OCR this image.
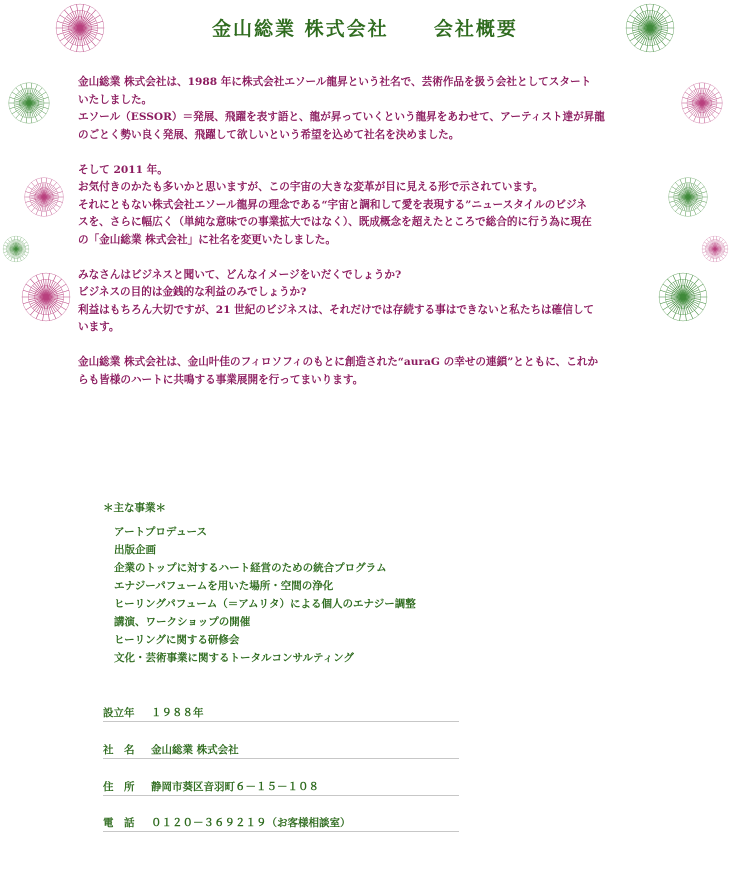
金山総業 株式会社 会社概要

金山総業 株式会社は、1988 年に株式会社エソール龍昇という社名で、芸術作品を扱う会社としてスタート

いたしました。

エソール（ESSOR）＝発展、飛躍を表す語と、龍が昇っていくという龍昇をあわせて、アーティスト達が昇龍

のごとく勢い良く発展、飛躍して欲しいという希望を込めて社名を決めました。

そして 2011 年。

お気付きのかたも多いかと思いますが、この宇宙の大きな変革が目に見える形で示されています。

それにともない株式会社エソール龍昇の理念である“宇宙と調和して愛を表現する”ニュースタイルのビジネ

スを、さらに幅広く（単純な意味での事業拡大ではなく）、既成概念を超えたところで総合的に行う為に現在

の「金山総業 株式会社」に社名を変更いたしました。

みなさんはビジネスと聞いて、どんなイメージをいだくでしょうか?

ビジネスの目的は金銭的な利益のみでしょうか?

利益はもちろん大切ですが、21 世紀のビジネスは、それだけでは存続する事はできないと私たちは確信して

います。

金山総業 株式会社は、金山叶佳のフィロソフィのもとに創造された“auraG の幸せの連鎖”とともに、これか

らも皆様のハートに共鳴する事業展開を行ってまいります。

＊主な事業＊
アートプロデュース
出版企画
企業のトップに対するハート経営のための統合プログラム
エナジーパフュームを用いた場所・空間の浄化
ヒーリングパフューム（＝アムリタ）による個人のエナジー調整
講演、ワークショップの開催
ヒーリングに関する研修会
文化・芸術事業に関するトータルコンサルティング
設立年 １９８８年
社　名 金山総業 株式会社
住　所 静岡市葵区音羽町６－１５－１０８
電　話 ０１２０－３６９２１９（お客様相談室）
